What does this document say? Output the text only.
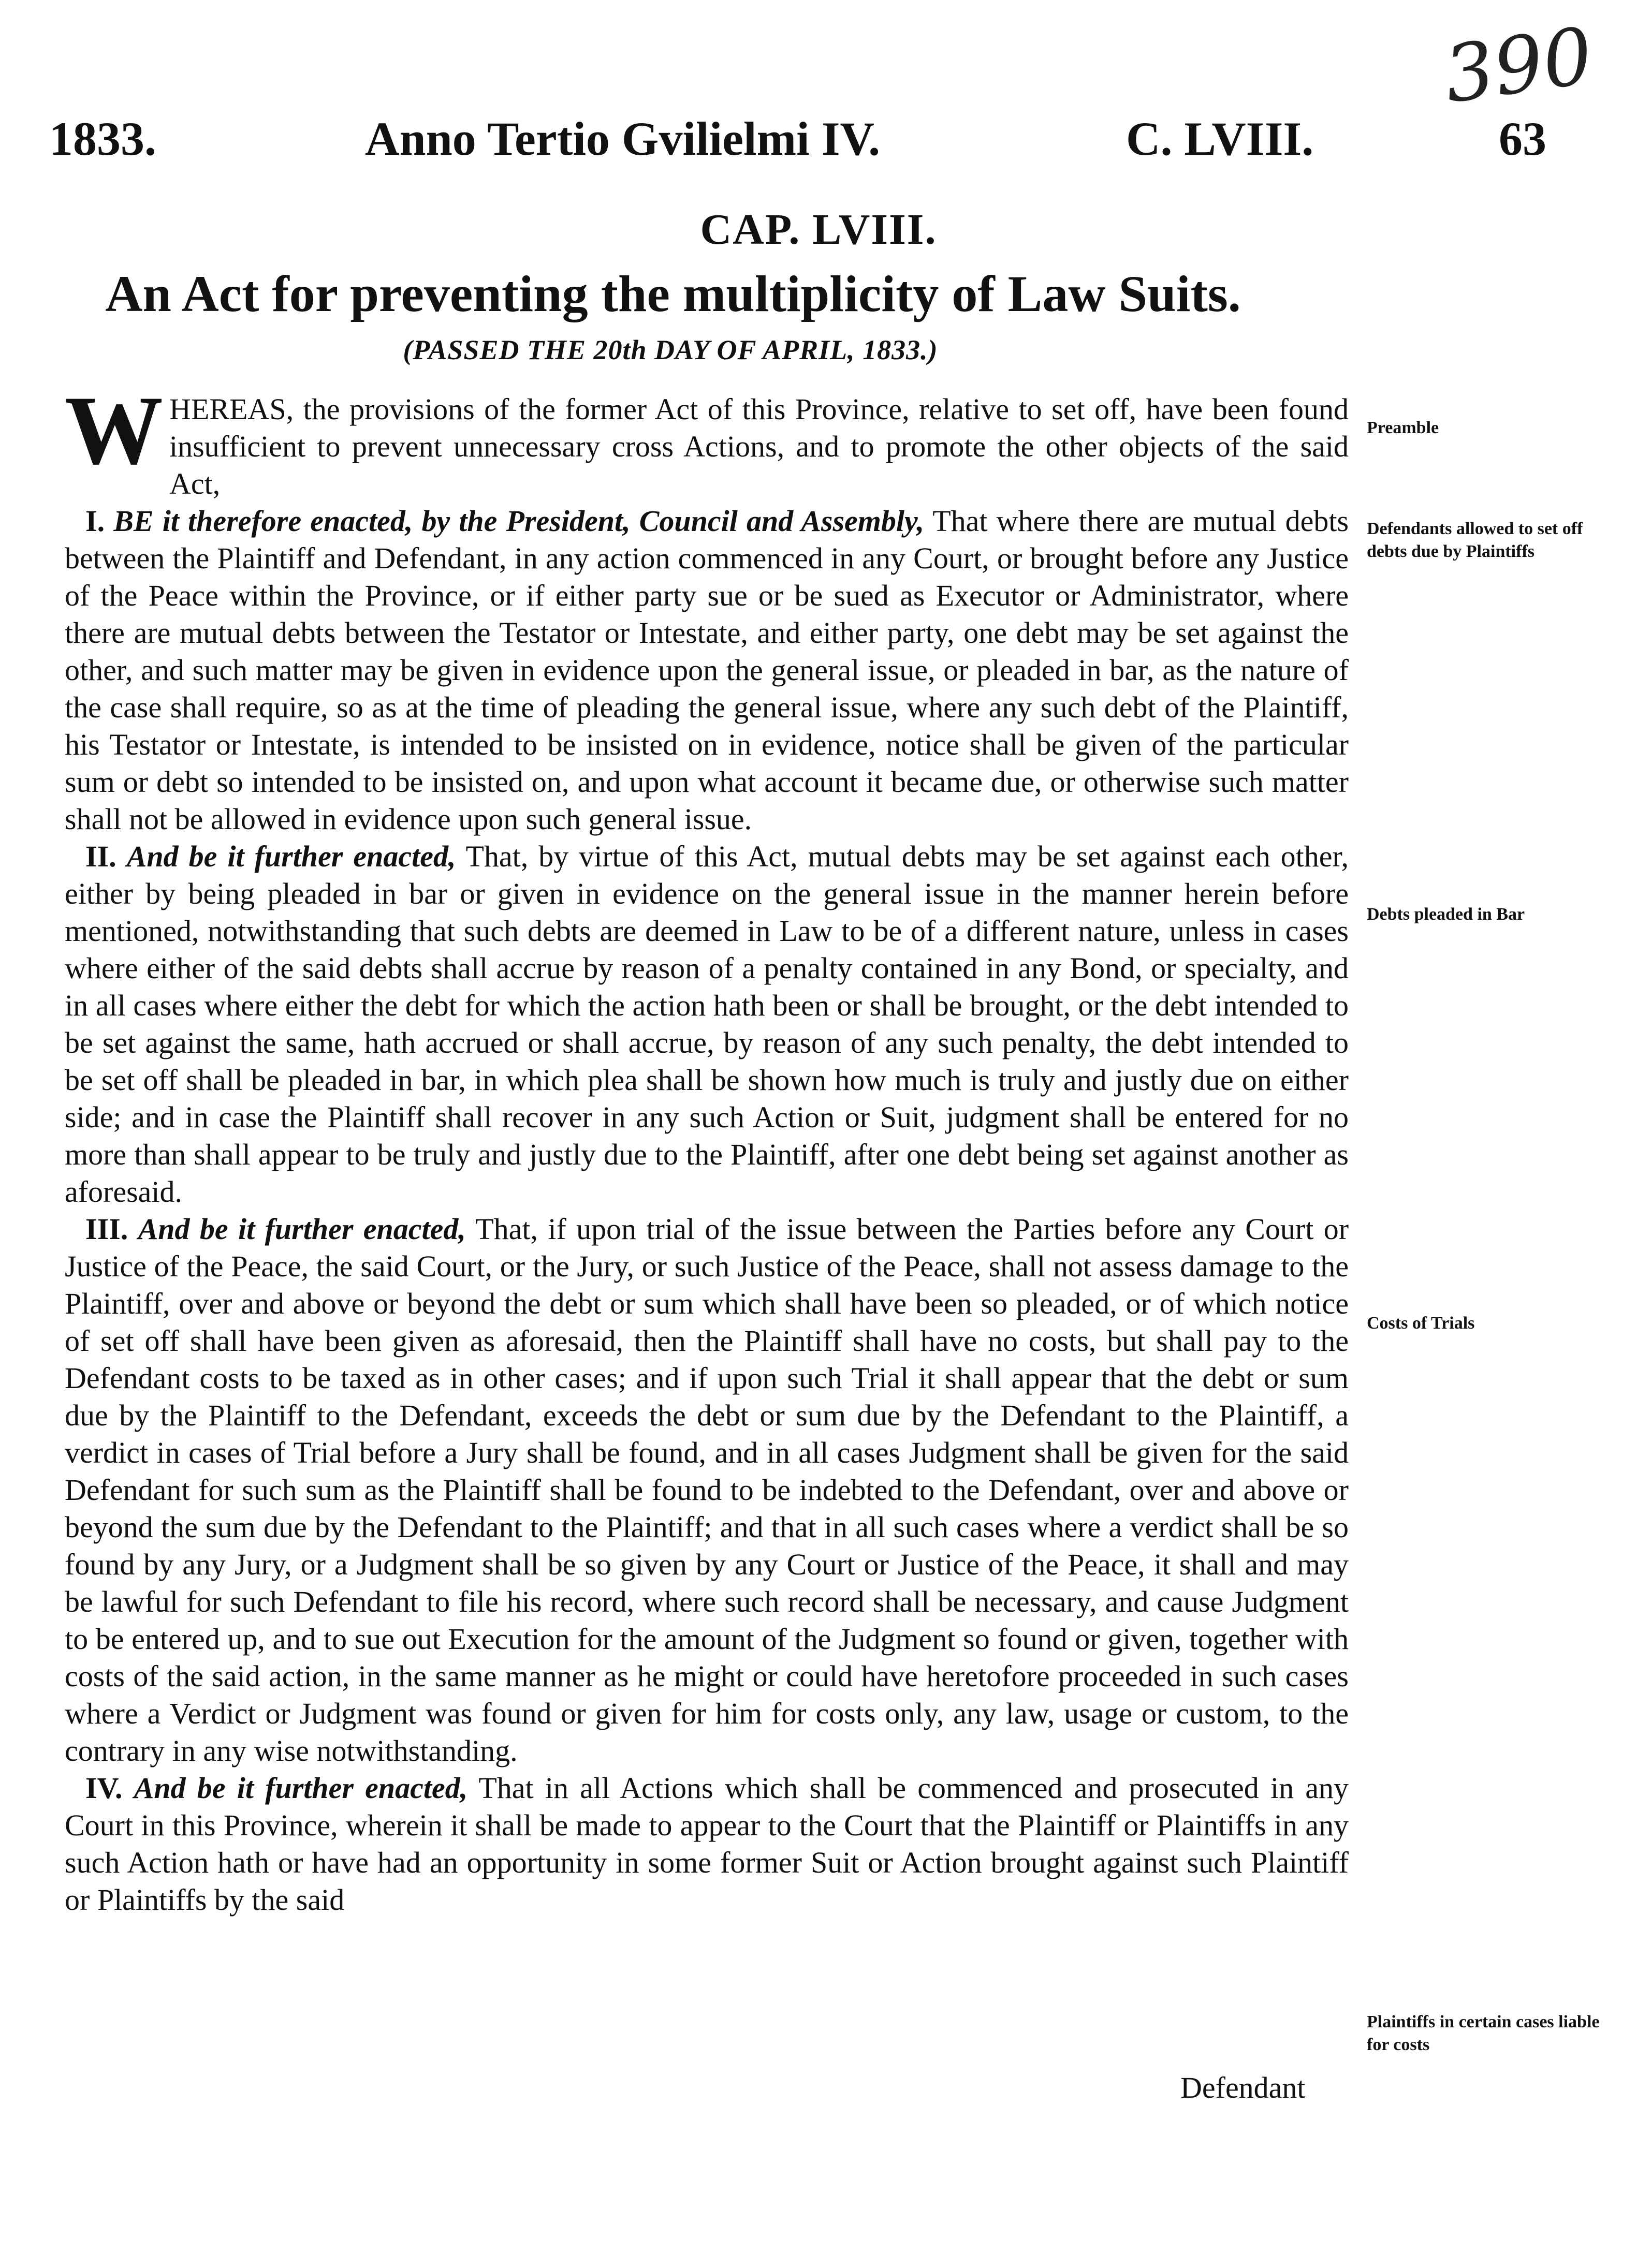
390
1833.	Anno Tertio Gvilielmi IV.	C. LVIII.	63
CAP. LVIII.
An Act for preventing the multiplicity of Law Suits.
(PASSED THE 20th DAY OF APRIL, 1833.)

WHEREAS, the provisions of the former Act of this Province, relative to set off, have been found insufficient to prevent unnecessary cross Actions, and to promote the other objects of the said Act,

I. BE it therefore enacted, by the President, Council and Assembly, That where there are mutual debts between the Plaintiff and Defendant, in any action commenced in any Court, or brought before any Justice of the Peace within the Province, or if either party sue or be sued as Executor or Administrator, where there are mutual debts between the Testator or Intestate, and either party, one debt may be set against the other, and such matter may be given in evidence upon the general issue, or pleaded in bar, as the nature of the case shall require, so as at the time of pleading the general issue, where any such debt of the Plaintiff, his Testator or Intestate, is intended to be insisted on in evidence, notice shall be given of the particular sum or debt so intended to be insisted on, and upon what account it became due, or otherwise such matter shall not be allowed in evidence upon such general issue.

II. And be it further enacted, That, by virtue of this Act, mutual debts may be set against each other, either by being pleaded in bar or given in evidence on the general issue in the manner herein before mentioned, notwithstanding that such debts are deemed in Law to be of a different nature, unless in cases where either of the said debts shall accrue by reason of a penalty contained in any Bond, or specialty, and in all cases where either the debt for which the action hath been or shall be brought, or the debt intended to be set against the same, hath accrued or shall accrue, by reason of any such penalty, the debt intended to be set off shall be pleaded in bar, in which plea shall be shown how much is truly and justly due on either side; and in case the Plaintiff shall recover in any such Action or Suit, judgment shall be entered for no more than shall appear to be truly and justly due to the Plaintiff, after one debt being set against another as aforesaid.

III. And be it further enacted, That, if upon trial of the issue between the Parties before any Court or Justice of the Peace, the said Court, or the Jury, or such Justice of the Peace, shall not assess damage to the Plaintiff, over and above or beyond the debt or sum which shall have been so pleaded, or of which notice of set off shall have been given as aforesaid, then the Plaintiff shall have no costs, but shall pay to the Defendant costs to be taxed as in other cases; and if upon such Trial it shall appear that the debt or sum due by the Plaintiff to the Defendant, exceeds the debt or sum due by the Defendant to the Plaintiff, a verdict in cases of Trial before a Jury shall be found, and in all cases Judgment shall be given for the said Defendant for such sum as the Plaintiff shall be found to be indebted to the Defendant, over and above or beyond the sum due by the Defendant to the Plaintiff; and that in all such cases where a verdict shall be so found by any Jury, or a Judgment shall be so given by any Court or Justice of the Peace, it shall and may be lawful for such Defendant to file his record, where such record shall be necessary, and cause Judgment to be entered up, and to sue out Execution for the amount of the Judgment so found or given, together with costs of the said action, in the same manner as he might or could have heretofore proceeded in such cases where a Verdict or Judgment was found or given for him for costs only, any law, usage or custom, to the contrary in any wise notwithstanding.

IV. And be it further enacted, That in all Actions which shall be commenced and prosecuted in any Court in this Province, wherein it shall be made to appear to the Court that the Plaintiff or Plaintiffs in any such Action hath or have had an opportunity in some former Suit or Action brought against such Plaintiff or Plaintiffs by the said

Defendant
Preamble
Defendants allowed to set off debts due by Plaintiffs
Debts pleaded in Bar
Costs of Trials
Plaintiffs in certain cases liable for costs
